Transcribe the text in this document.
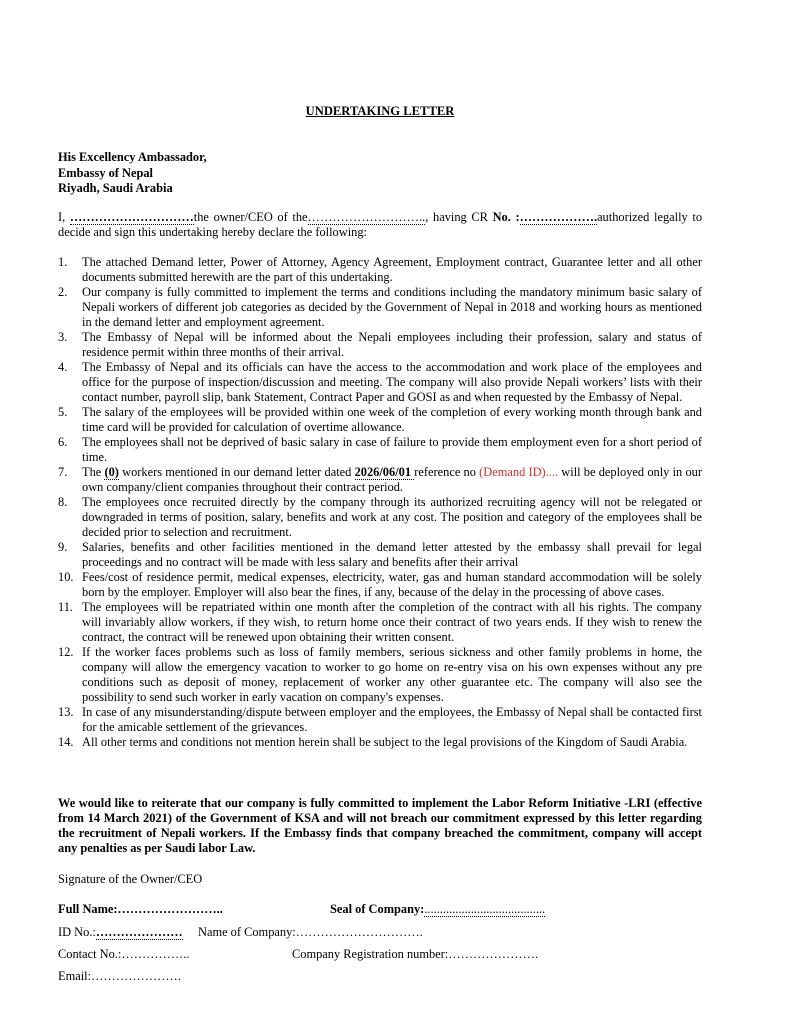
UNDERTAKING LETTER
His Excellency Ambassador,
Embassy of Nepal
Riyadh, Saudi Arabia
I, …………………………the owner/CEO of the……………………….., having CR No. :……………….authorized legally to decide and sign this undertaking hereby declare the following:
1. The attached Demand letter, Power of Attorney, Agency Agreement, Employment contract, Guarantee letter and all other documents submitted herewith are the part of this undertaking.
2. Our company is fully committed to implement the terms and conditions including the mandatory minimum basic salary of Nepali workers of different job categories as decided by the Government of Nepal in 2018 and working hours as mentioned in the demand letter and employment agreement.
3. The Embassy of Nepal will be informed about the Nepali employees including their profession, salary and status of residence permit within three months of their arrival.
4. The Embassy of Nepal and its officials can have the access to the accommodation and work place of the employees and office for the purpose of inspection/discussion and meeting. The company will also provide Nepali workers’ lists with their contact number, payroll slip, bank Statement, Contract Paper and GOSI as and when requested by the Embassy of Nepal.
5. The salary of the employees will be provided within one week of the completion of every working month through bank and time card will be provided for calculation of overtime allowance.
6. The employees shall not be deprived of basic salary in case of failure to provide them employment even for a short period of time.
7. The (0) workers mentioned in our demand letter dated 2026/06/01 reference no (Demand ID).... will be deployed only in our own company/client companies throughout their contract period.
8. The employees once recruited directly by the company through its authorized recruiting agency will not be relegated or downgraded in terms of position, salary, benefits and work at any cost. The position and category of the employees shall be decided prior to selection and recruitment.
9. Salaries, benefits and other facilities mentioned in the demand letter attested by the embassy shall prevail for legal proceedings and no contract will be made with less salary and benefits after their arrival
10. Fees/cost of residence permit, medical expenses, electricity, water, gas and human standard accommodation will be solely born by the employer. Employer will also bear the fines, if any, because of the delay in the processing of above cases.
11. The employees will be repatriated within one month after the completion of the contract with all his rights. The company will invariably allow workers, if they wish, to return home once their contract of two years ends. If they wish to renew the contract, the contract will be renewed upon obtaining their written consent.
12. If the worker faces problems such as loss of family members, serious sickness and other family problems in home, the company will allow the emergency vacation to worker to go home on re-entry visa on his own expenses without any pre conditions such as deposit of money, replacement of worker any other guarantee etc. The company will also see the possibility to send such worker in early vacation on company's expenses.
13. In case of any misunderstanding/dispute between employer and the employees, the Embassy of Nepal shall be contacted first for the amicable settlement of the grievances.
14. All other terms and conditions not mention herein shall be subject to the legal provisions of the Kingdom of Saudi Arabia.
We would like to reiterate that our company is fully committed to implement the Labor Reform Initiative -LRI (effective from 14 March 2021) of the Government of KSA and will not breach our commitment expressed by this letter regarding the recruitment of Nepali workers. If the Embassy finds that company breached the commitment, company will accept any penalties as per Saudi labor Law.
Signature of the Owner/CEO
Full Name:……………………..	Seal of Company:.......................................
ID No.:………………… Name of Company:………………………….
Contact No.:……………..	Company Registration number:………………….
Email:………………….
